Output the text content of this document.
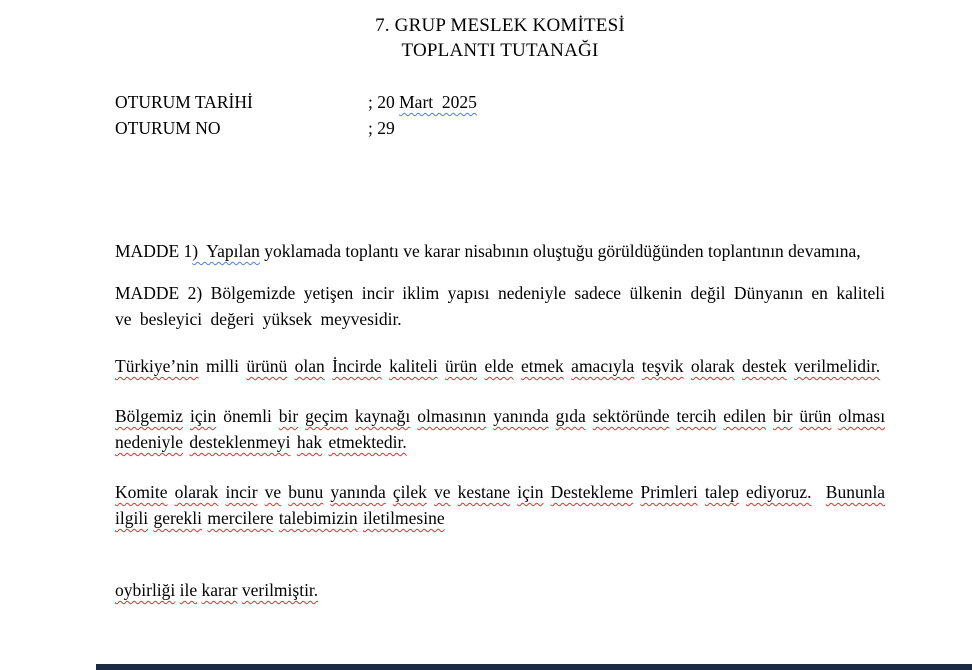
7. GRUP MESLEK KOMİTESİ
TOPLANTI TUTANAĞI
OTURUM TARİHİ	; 20 Mart  2025
OTURUM NO	; 29
MADDE 1)  Yapılan yoklamada toplantı ve karar nisabının oluştuğu görüldüğünden toplantının devamına,
MADDE 2) Bölgemizde yetişen incir iklim yapısı nedeniyle sadece ülkenin değil Dünyanın en kaliteli ve besleyici değeri yüksek meyvesidir.
Türkiye’nin milli ürünü olan İncirde kaliteli ürün elde etmek amacıyla teşvik olarak destek verilmelidir.
Bölgemiz için önemli bir geçim kaynağı olmasının yanında gıda sektöründe tercih edilen bir ürün olması nedeniyle desteklenmeyi hak etmektedir.
Komite olarak incir ve bunu yanında çilek ve kestane için Destekleme Primleri talep ediyoruz. Bununla ilgili gerekli mercilere talebimizin iletilmesine
oybirliği ile karar verilmiştir.
